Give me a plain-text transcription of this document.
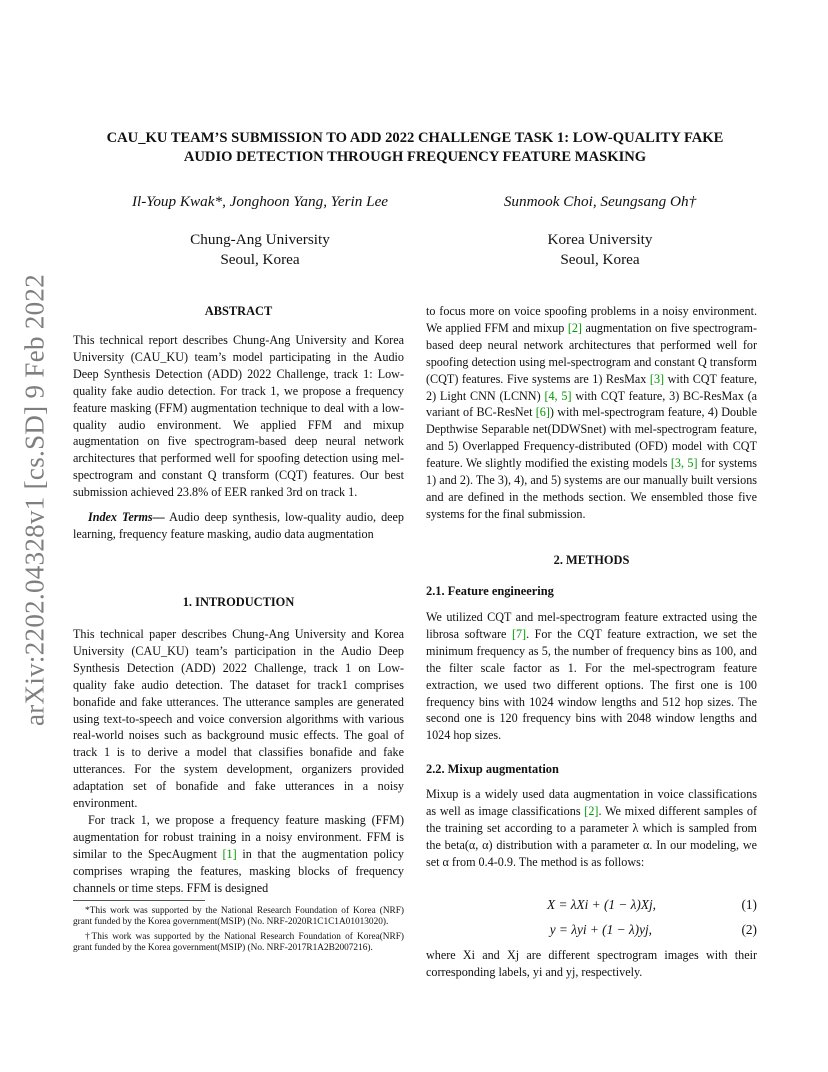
arXiv:2202.04328v1 [cs.SD] 9 Feb 2022
CAU_KU TEAM’S SUBMISSION TO ADD 2022 CHALLENGE TASK 1: LOW-QUALITY FAKE
AUDIO DETECTION THROUGH FREQUENCY FEATURE MASKING
Il-Youp Kwak*, Jonghoon Yang, Yerin Lee	Sunmook Choi, Seungsang Oh†
Chung-Ang University
Seoul, Korea
Korea University
Seoul, Korea
ABSTRACT

This technical report describes Chung-Ang University and Korea University (CAU_KU) team’s model participating in the Audio Deep Synthesis Detection (ADD) 2022 Challenge, track 1: Low-quality fake audio detection. For track 1, we propose a frequency feature masking (FFM) augmentation technique to deal with a low-quality audio environment. We applied FFM and mixup augmentation on five spectrogram-based deep neural network architectures that performed well for spoofing detection using mel-spectrogram and constant Q transform (CQT) features. Our best submission achieved 23.8% of EER ranked 3rd on track 1.

Index Terms— Audio deep synthesis, low-quality audio, deep learning, frequency feature masking, audio data augmentation

1. INTRODUCTION

This technical paper describes Chung-Ang University and Korea University (CAU_KU) team’s participation in the Audio Deep Synthesis Detection (ADD) 2022 Challenge, track 1 on Low-quality fake audio detection. The dataset for track1 comprises bonafide and fake utterances. The utterance samples are generated using text-to-speech and voice conversion algorithms with various real-world noises such as background music effects. The goal of track 1 is to derive a model that classifies bonafide and fake utterances. For the system development, organizers provided adaptation set of bonafide and fake utterances in a noisy environment.

For track 1, we propose a frequency feature masking (FFM) augmentation for robust training in a noisy environment. FFM is similar to the SpecAugment [1] in that the augmentation policy comprises wraping the features, masking blocks of frequency channels or time steps. FFM is designed

*This work was supported by the National Research Foundation of Korea (NRF) grant funded by the Korea government(MSIP) (No. NRF-2020R1C1C1A01013020).

†This work was supported by the National Research Foundation of Korea(NRF) grant funded by the Korea government(MSIP) (No. NRF-2017R1A2B2007216).

to focus more on voice spoofing problems in a noisy environment. We applied FFM and mixup [2] augmentation on five spectrogram-based deep neural network architectures that performed well for spoofing detection using mel-spectrogram and constant Q transform (CQT) features. Five systems are 1) ResMax [3] with CQT feature, 2) Light CNN (LCNN) [4, 5] with CQT feature, 3) BC-ResMax (a variant of BC-ResNet [6]) with mel-spectrogram feature, 4) Double Depthwise Separable net(DDWSnet) with mel-spectrogram feature, and 5) Overlapped Frequency-distributed (OFD) model with CQT feature. We slightly modified the existing models [3, 5] for systems 1) and 2). The 3), 4), and 5) systems are our manually built versions and are defined in the methods section. We ensembled those five systems for the final submission.

2. METHODS
2.1. Feature engineering

We utilized CQT and mel-spectrogram feature extracted using the librosa software [7]. For the CQT feature extraction, we set the minimum frequency as 5, the number of frequency bins as 100, and the filter scale factor as 1. For the mel-spectrogram feature extraction, we used two different options. The first one is 100 frequency bins with 1024 window lengths and 512 hop sizes. The second one is 120 frequency bins with 2048 window lengths and 1024 hop sizes.

2.2. Mixup augmentation

Mixup is a widely used data augmentation in voice classifications as well as image classifications [2]. We mixed different samples of the training set according to a parameter λ which is sampled from the beta(α, α) distribution with a parameter α. In our modeling, we set α from 0.4-0.9. The method is as follows:

X = λXi + (1 − λ)Xj,	(1)
y = λyi + (1 − λ)yj,	(2)

where Xi and Xj are different spectrogram images with their corresponding labels, yi and yj, respectively.
